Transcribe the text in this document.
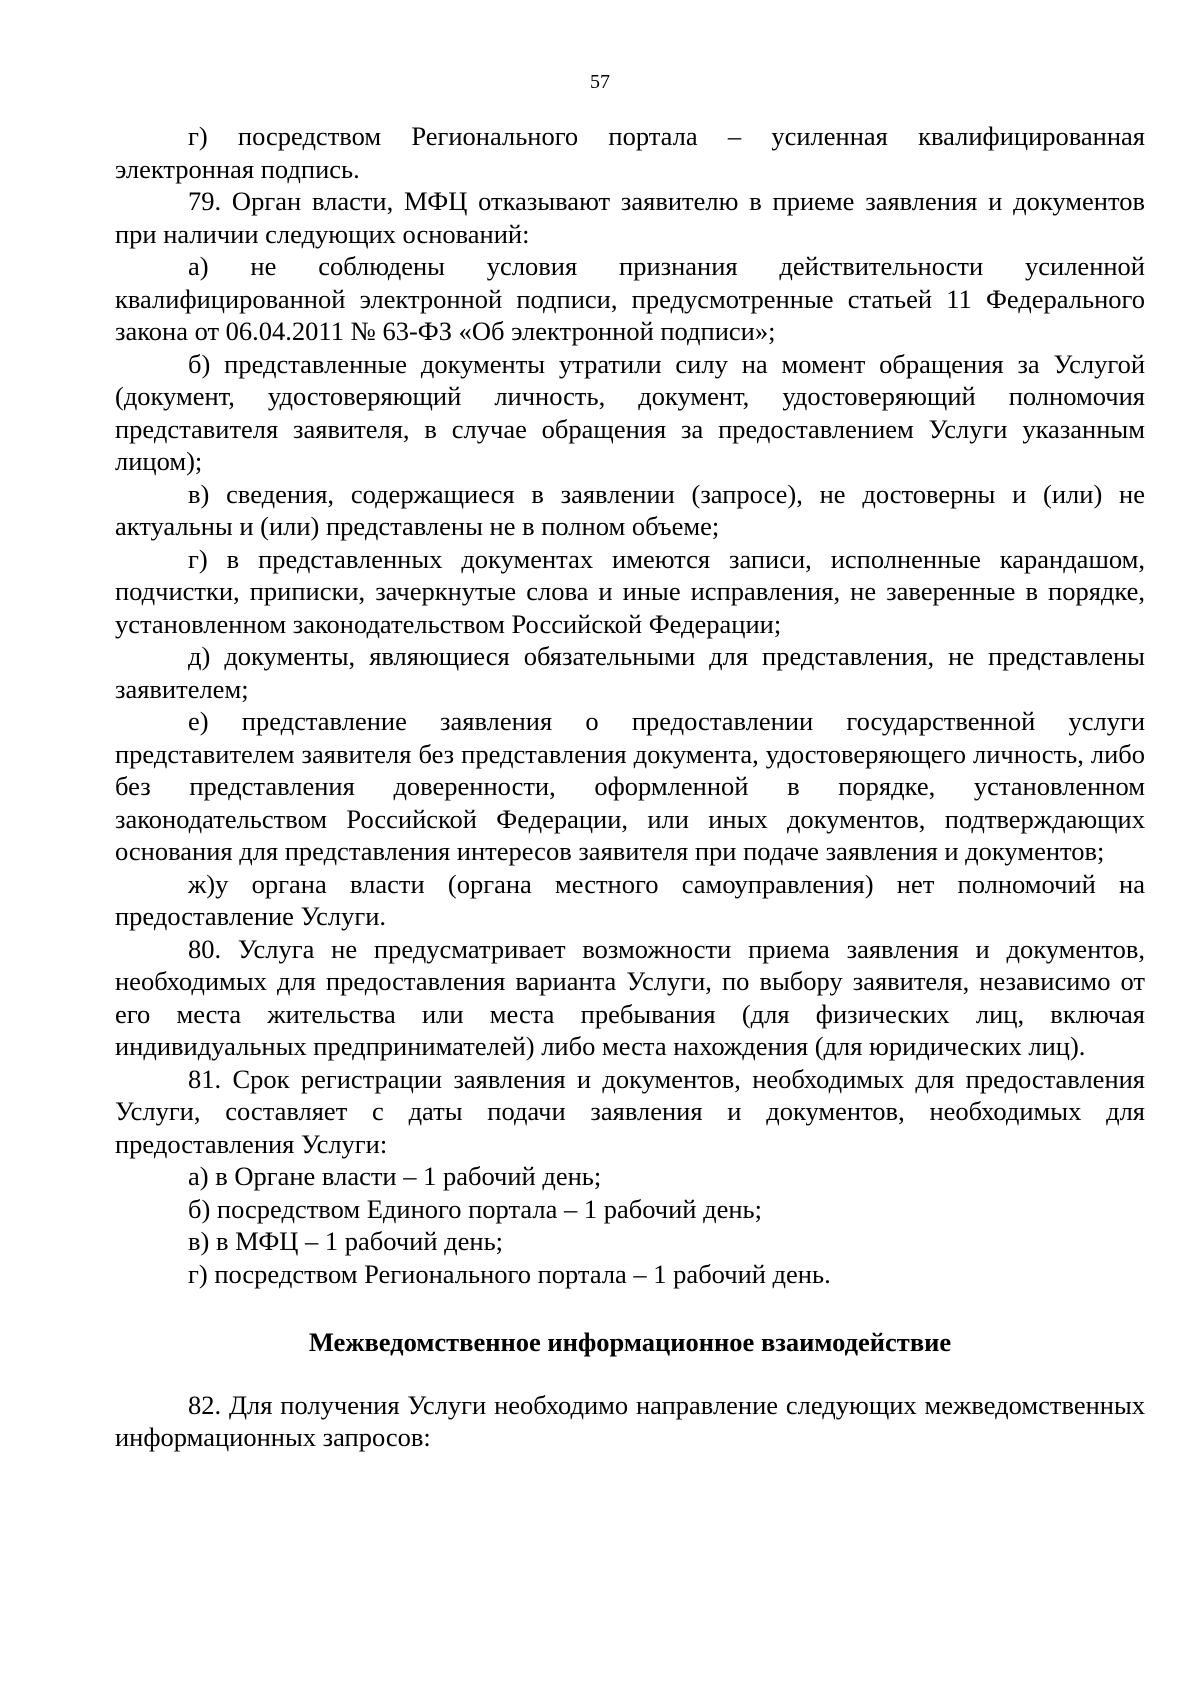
57

г) посредством Регионального портала – усиленная квалифицированная электронная подпись.

79. Орган власти, МФЦ отказывают заявителю в приеме заявления и документов при наличии следующих оснований:

а) не соблюдены условия признания действительности усиленной квалифицированной электронной подписи, предусмотренные статьей 11 Федерального закона от 06.04.2011 № 63-ФЗ «Об электронной подписи»;

б) представленные документы утратили силу на момент обращения за Услугой (документ, удостоверяющий личность, документ, удостоверяющий полномочия представителя заявителя, в случае обращения за предоставлением Услуги указанным лицом);

в) сведения, содержащиеся в заявлении (запросе), не достоверны и (или) не актуальны и (или) представлены не в полном объеме;

г) в представленных документах имеются записи, исполненные карандашом, подчистки, приписки, зачеркнутые слова и иные исправления, не заверенные в порядке, установленном законодательством Российской Федерации;

д) документы, являющиеся обязательными для представления, не представлены заявителем;

е) представление заявления о предоставлении государственной услуги представителем заявителя без представления документа, удостоверяющего личность, либо без представления доверенности, оформленной в порядке, установленном законодательством Российской Федерации, или иных документов, подтверждающих основания для представления интересов заявителя при подаче заявления и документов;

ж)у органа власти (органа местного самоуправления) нет полномочий на предоставление Услуги.

80. Услуга не предусматривает возможности приема заявления и документов, необходимых для предоставления варианта Услуги, по выбору заявителя, независимо от его места жительства или места пребывания (для физических лиц, включая индивидуальных предпринимателей) либо места нахождения (для юридических лиц).

81. Срок регистрации заявления и документов, необходимых для предоставления Услуги, составляет с даты подачи заявления и документов, необходимых для предоставления Услуги:

а) в Органе власти – 1 рабочий день;

б) посредством Единого портала – 1 рабочий день;

в) в МФЦ – 1 рабочий день;

г) посредством Регионального портала – 1 рабочий день.

Межведомственное информационное взаимодействие

82. Для получения Услуги необходимо направление следующих межведомственных информационных запросов:
